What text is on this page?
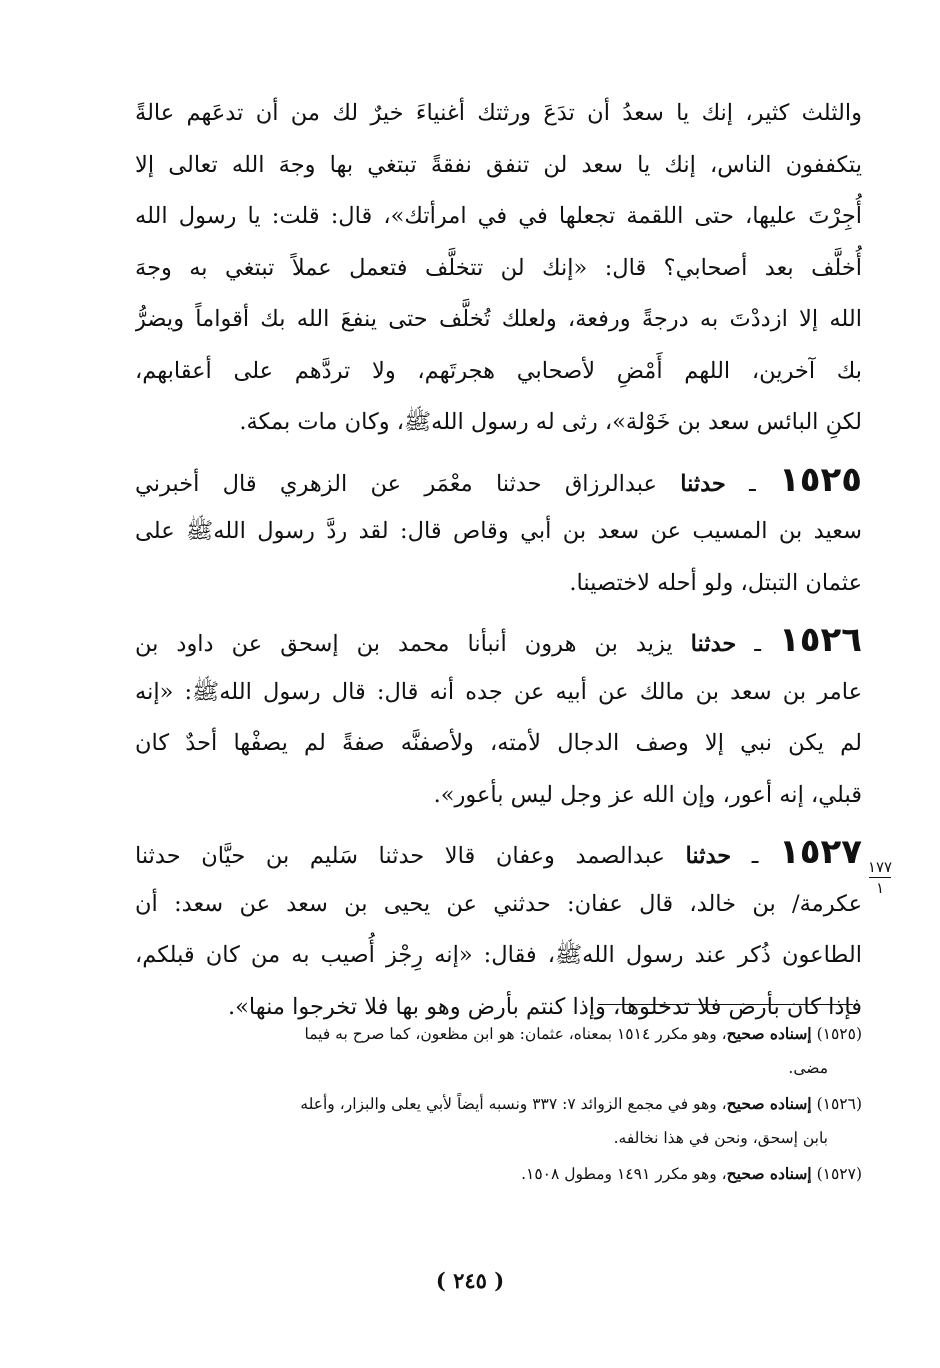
والثلث كثير، إنك يا سعدُ أن تدَعَ ورثتك أغنياءَ خيرٌ لك من أن تدعَهم عالةً
يتكففون الناس، إنك يا سعد لن تنفق نفقةً تبتغي بها وجهَ الله تعالى إلا
أُجِرْتَ عليها، حتى اللقمة تجعلها في في امرأتك»، قال: قلت: يا رسول الله
أُخلَّف بعد أصحابي؟ قال: «إنك لن تتخلَّف فتعمل عملاً تبتغي به وجهَ
الله إلا ازددْتَ به درجةً ورفعة، ولعلك تُخلَّف حتى ينفعَ الله بك أقواماً ويضرُّ
بك آخرين، اللهم أَمْضِ لأصحابي هجرتَهم، ولا تردَّهم على أعقابهم،
لكنِ البائس سعد بن خَوْلة»، رثى له رسول اللهﷺ، وكان مات بمكة.
١٥٢٥ ـ حدثنا عبدالرزاق حدثنا معْمَر عن الزهري قال أخبرني
سعيد بن المسيب عن سعد بن أبي وقاص قال: لقد ردَّ رسول اللهﷺ على
عثمان التبتل، ولو أحله لاختصينا.
١٥٢٦ ـ حدثنا يزيد بن هرون أنبأنا محمد بن إسحق عن داود بن
عامر بن سعد بن مالك عن أبيه عن جده أنه قال: قال رسول اللهﷺ: «إنه
لم يكن نبي إلا وصف الدجال لأمته، ولأصفنَّه صفةً لم يصفْها أحدٌ كان
قبلي، إنه أعور، وإن الله عز وجل ليس بأعور».
١٥٢٧ ـ حدثنا عبدالصمد وعفان قالا حدثنا سَليم بن حيَّان حدثنا
عكرمة/ بن خالد، قال عفان: حدثني عن يحيى بن سعد عن سعد: أن
الطاعون ذُكر عند رسول اللهﷺ، فقال: «إنه رِجْز أُصيب به من كان قبلكم،
فإذا كان بأرض فلا تدخلوها، وإذا كنتم بأرض وهو بها فلا تخرجوا منها».
١٧٧
١
(١٥٢٥) إسناده صحيح، وهو مكرر ١٥١٤ بمعناه، عثمان: هو ابن مظعون، كما صرح به فيما
مضى.
(١٥٢٦) إسناده صحيح، وهو في مجمع الزوائد ٧: ٣٣٧ ونسبه أيضاً لأبي يعلى والبزار، وأعله
بابن إسحق، ونحن في هذا نخالفه.
(١٥٢٧) إسناده صحيح، وهو مكرر ١٤٩١ ومطول ١٥٠٨.
( ٢٤٥ )
